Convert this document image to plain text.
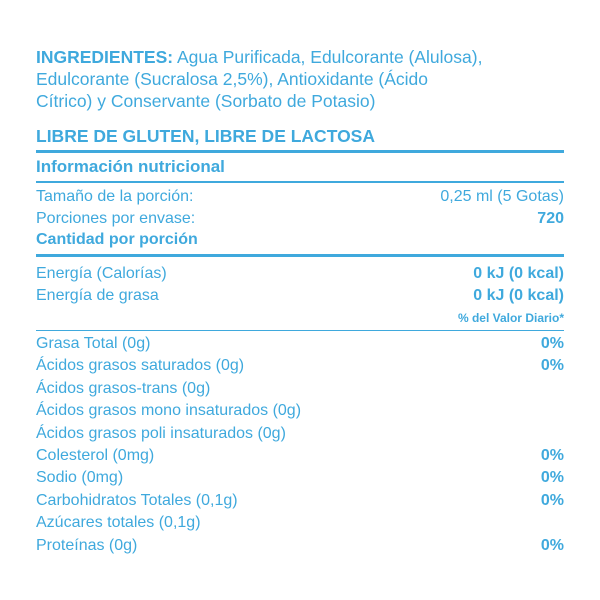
INGREDIENTES: Agua Purificada, Edulcorante (Alulosa),
Edulcorante (Sucralosa 2,5%), Antioxidante (Ácido
Cítrico) y Conservante (Sorbato de Potasio)

LIBRE DE GLUTEN, LIBRE DE LACTOSA
Información nutricional
Tamaño de la porción:	0,25 ml (5 Gotas)
Porciones por envase:	720
Cantidad por porción
Energía (Calorías)	0 kJ (0 kcal)
Energía de grasa	0 kJ (0 kcal)
% del Valor Diario*
Grasa Total (0g)	0%
Ácidos grasos saturados (0g)	0%
Ácidos grasos-trans (0g)
Ácidos grasos mono insaturados (0g)
Ácidos grasos poli insaturados (0g)
Colesterol (0mg)	0%
Sodio (0mg)	0%
Carbohidratos Totales (0,1g)	0%
Azúcares totales (0,1g)
Proteínas (0g)	0%
